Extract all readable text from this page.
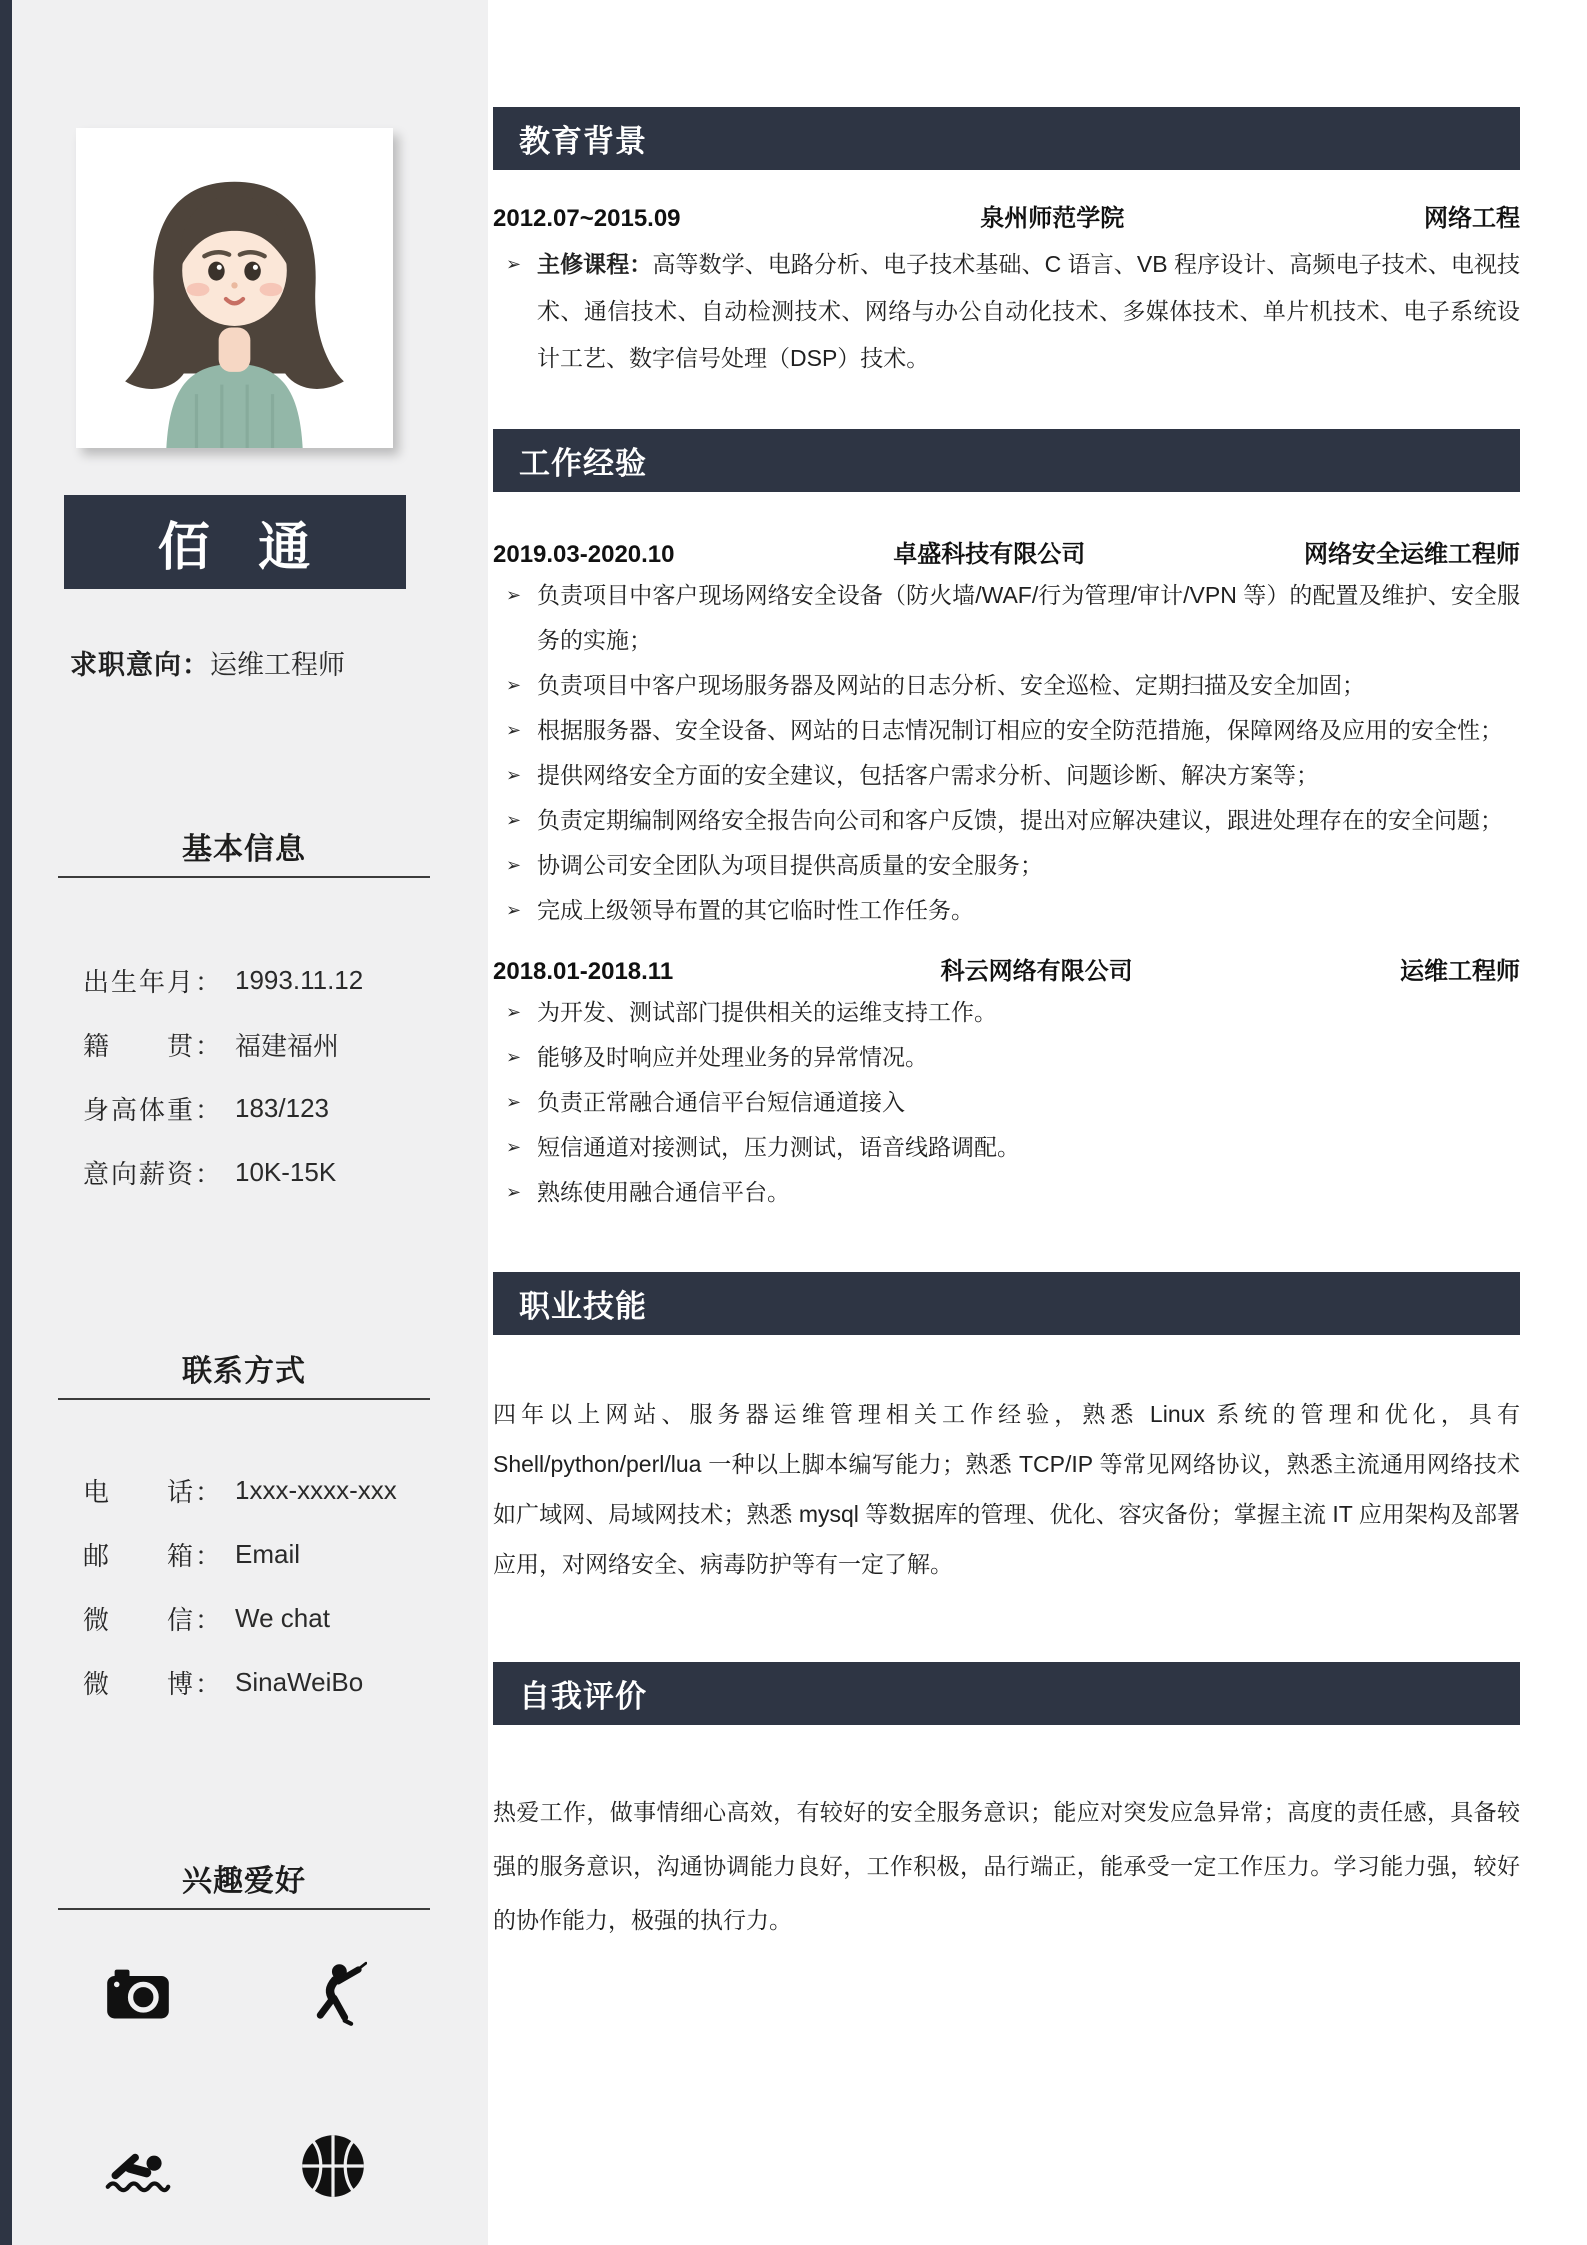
佰 通
求职意向：运维工程师
基本信息
出生年月 ： 1993.11.12
籍贯 ： 福建福州
身高体重 ： 183/123
意向薪资 ： 10K-15K
联系方式
电话 ： 1xxx-xxxx-xxx
邮箱 ： Email
微信 ： We chat
微博 ： SinaWeiBo
兴趣爱好
教育背景
2012.07~2015.09	泉州师范学院	网络工程
➢ 主修课程：高等数学、电路分析、电子技术基础、C 语言、VB 程序设计、高频电子技术、电视技术、通信技术、自动检测技术、网络与办公自动化技术、多媒体技术、单片机技术、电子系统设计工艺、数字信号处理（DSP）技术。

工作经验
2019.03-2020.10	卓盛科技有限公司	网络安全运维工程师
➢ 负责项目中客户现场网络安全设备（防火墙/WAF/行为管理/审计/VPN 等）的配置及维护、安全服务的实施；

➢ 负责项目中客户现场服务器及网站的日志分析、安全巡检、定期扫描及安全加固；

➢ 根据服务器、安全设备、网站的日志情况制订相应的安全防范措施，保障网络及应用的安全性；

➢ 提供网络安全方面的安全建议，包括客户需求分析、问题诊断、解决方案等；

➢ 负责定期编制网络安全报告向公司和客户反馈，提出对应解决建议，跟进处理存在的安全问题；

➢ 协调公司安全团队为项目提供高质量的安全服务；

➢ 完成上级领导布置的其它临时性工作任务。

2018.01-2018.11	科云网络有限公司	运维工程师
➢ 为开发、测试部门提供相关的运维支持工作。

➢ 能够及时响应并处理业务的异常情况。

➢ 负责正常融合通信平台短信通道接入

➢ 短信通道对接测试，压力测试，语音线路调配。

➢ 熟练使用融合通信平台。

职业技能

四年以上网站、服务器运维管理相关工作经验，熟悉 Linux 系统的管理和优化，具有 Shell/python/perl/lua 一种以上脚本编写能力；熟悉 TCP/IP 等常见网络协议，熟悉主流通用网络技术如广域网、局域网技术；熟悉 mysql 等数据库的管理、优化、容灾备份；掌握主流 IT 应用架构及部署应用，对网络安全、病毒防护等有一定了解。

自我评价

热爱工作，做事情细心高效，有较好的安全服务意识；能应对突发应急异常；高度的责任感，具备较强的服务意识，沟通协调能力良好，工作积极，品行端正，能承受一定工作压力。学习能力强，较好的协作能力，极强的执行力。
